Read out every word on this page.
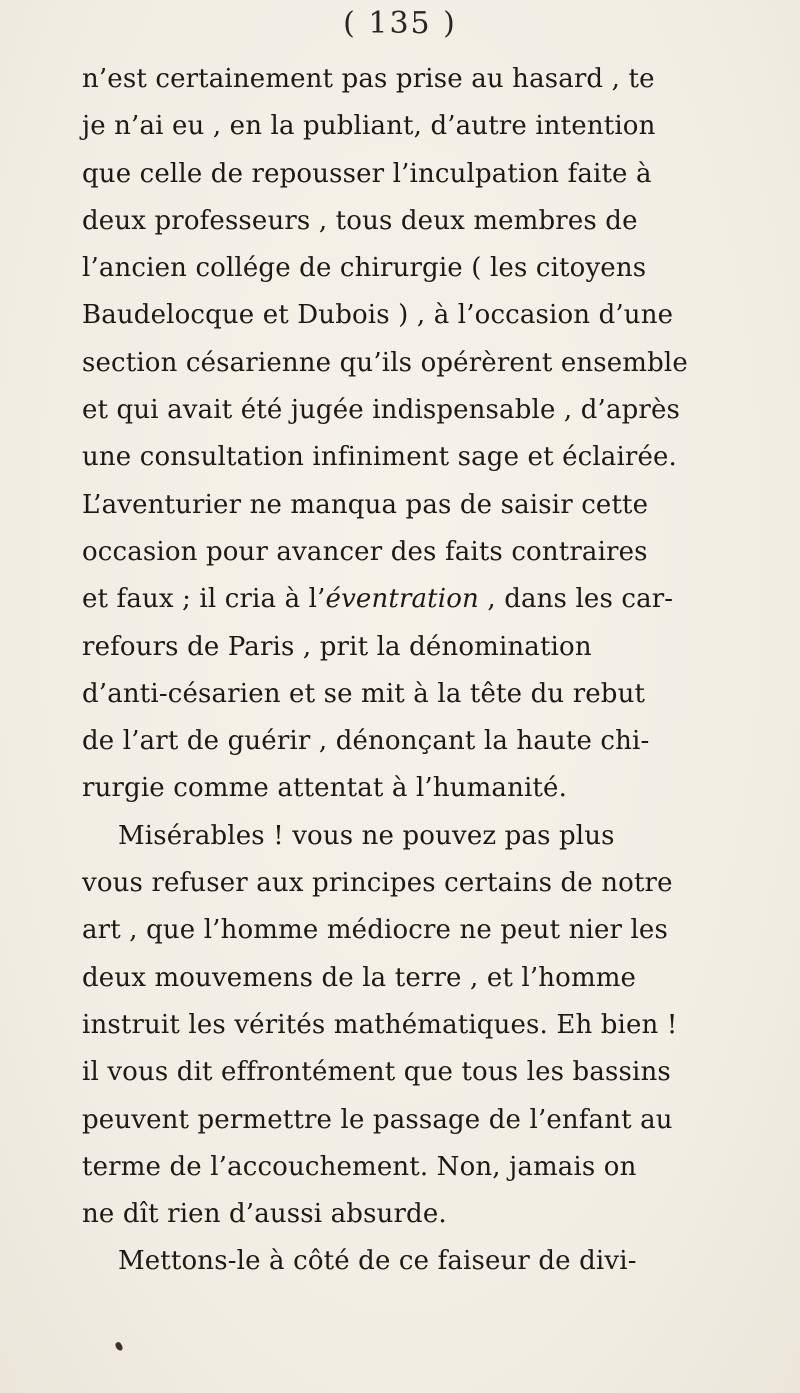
( 135 )
n’est certainement pas prise au hasard , te
je n’ai eu , en la publiant, d’autre intention
que celle de repousser l’inculpation faite à
deux professeurs , tous deux membres de
l’ancien collége de chirurgie ( les citoyens
Baudelocque et Dubois ) , à l’occasion d’une
section césarienne qu’ils opérèrent ensemble
et qui avait été jugée indispensable , d’après
une consultation infiniment sage et éclairée.
L’aventurier ne manqua pas de saisir cette
occasion pour avancer des faits contraires
et faux ; il cria à l’éventration , dans les car-
refours de Paris , prit la dénomination
d’anti-césarien et se mit à la tête du rebut
de l’art de guérir , dénonçant la haute chi-
rurgie comme attentat à l’humanité.
Misérables ! vous ne pouvez pas plus
vous refuser aux principes certains de notre
art , que l’homme médiocre ne peut nier les
deux mouvemens de la terre , et l’homme
instruit les vérités mathématiques. Eh bien !
il vous dit effrontément que tous les bassins
peuvent permettre le passage de l’enfant au
terme de l’accouchement. Non, jamais on
ne dît rien d’aussi absurde.
Mettons-le à côté de ce faiseur de divi-
